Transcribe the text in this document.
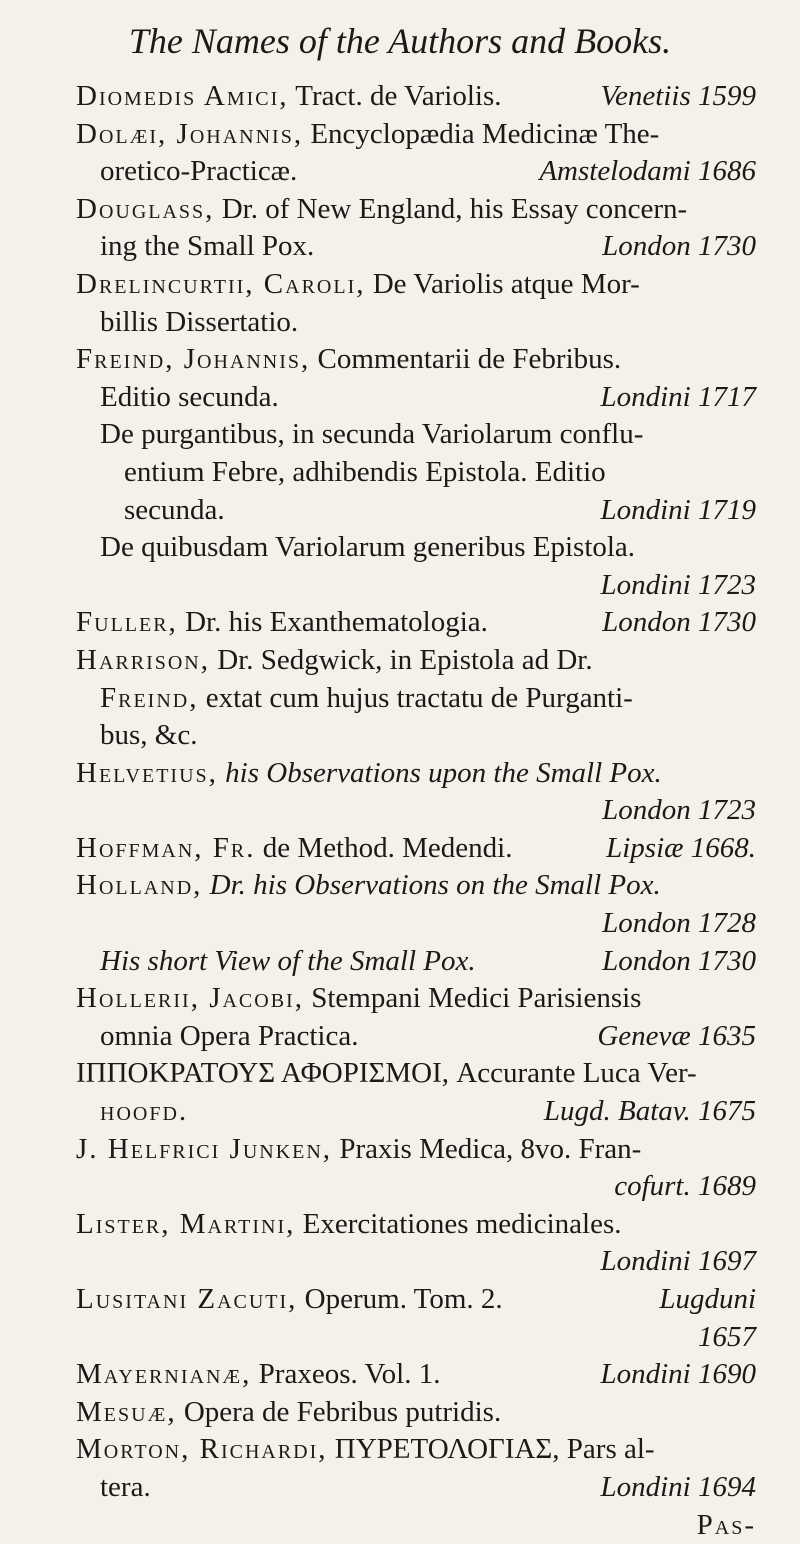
The Names of the Authors and Books.
Diomedis Amici, Tract. de Variolis.	Venetiis 1599
Dolæi, Johannis, Encyclopædia Medicinæ The-
oretico-Practicæ.	Amstelodami 1686
Douglass, Dr. of New England, his Essay concern-
ing the Small Pox.	London 1730
Drelincurtii, Caroli, De Variolis atque Mor-
billis Dissertatio.
Freind, Johannis, Commentarii de Febribus.
Editio secunda.	Londini 1717
De purgantibus, in secunda Variolarum conflu-
entium Febre, adhibendis Epistola. Editio
secunda.	Londini 1719
De quibusdam Variolarum generibus Epistola.
Londini 1723
Fuller, Dr. his Exanthematologia.	London 1730
Harrison, Dr. Sedgwick, in Epistola ad Dr.
Freind, extat cum hujus tractatu de Purganti-
bus, &c.
Helvetius, his Observations upon the Small Pox.
London 1723
Hoffman, Fr. de Method. Medendi.	Lipsiæ 1668.
Holland, Dr. his Observations on the Small Pox.
London 1728
His short View of the Small Pox.	London 1730
Hollerii, Jacobi, Stempani Medici Parisiensis
omnia Opera Practica.	Genevæ 1635
ΙΠΠΟΚΡΑΤΟΥΣ ΑΦΟΡΙΣΜΟΙ, Accurante Luca Ver-
hoofd.	Lugd. Batav. 1675
J. Helfrici Junken, Praxis Medica, 8vo. Fran-
cofurt. 1689
Lister, Martini, Exercitationes medicinales.
Londini 1697
Lusitani Zacuti, Operum. Tom. 2.	Lugduni
1657
Mayernianæ, Praxeos. Vol. 1.	Londini 1690
Mesuæ, Opera de Febribus putridis.
Morton, Richardi, ΠΥΡΕΤΟΛΟΓΙΑΣ, Pars al-
tera.	Londini 1694
Pas-
